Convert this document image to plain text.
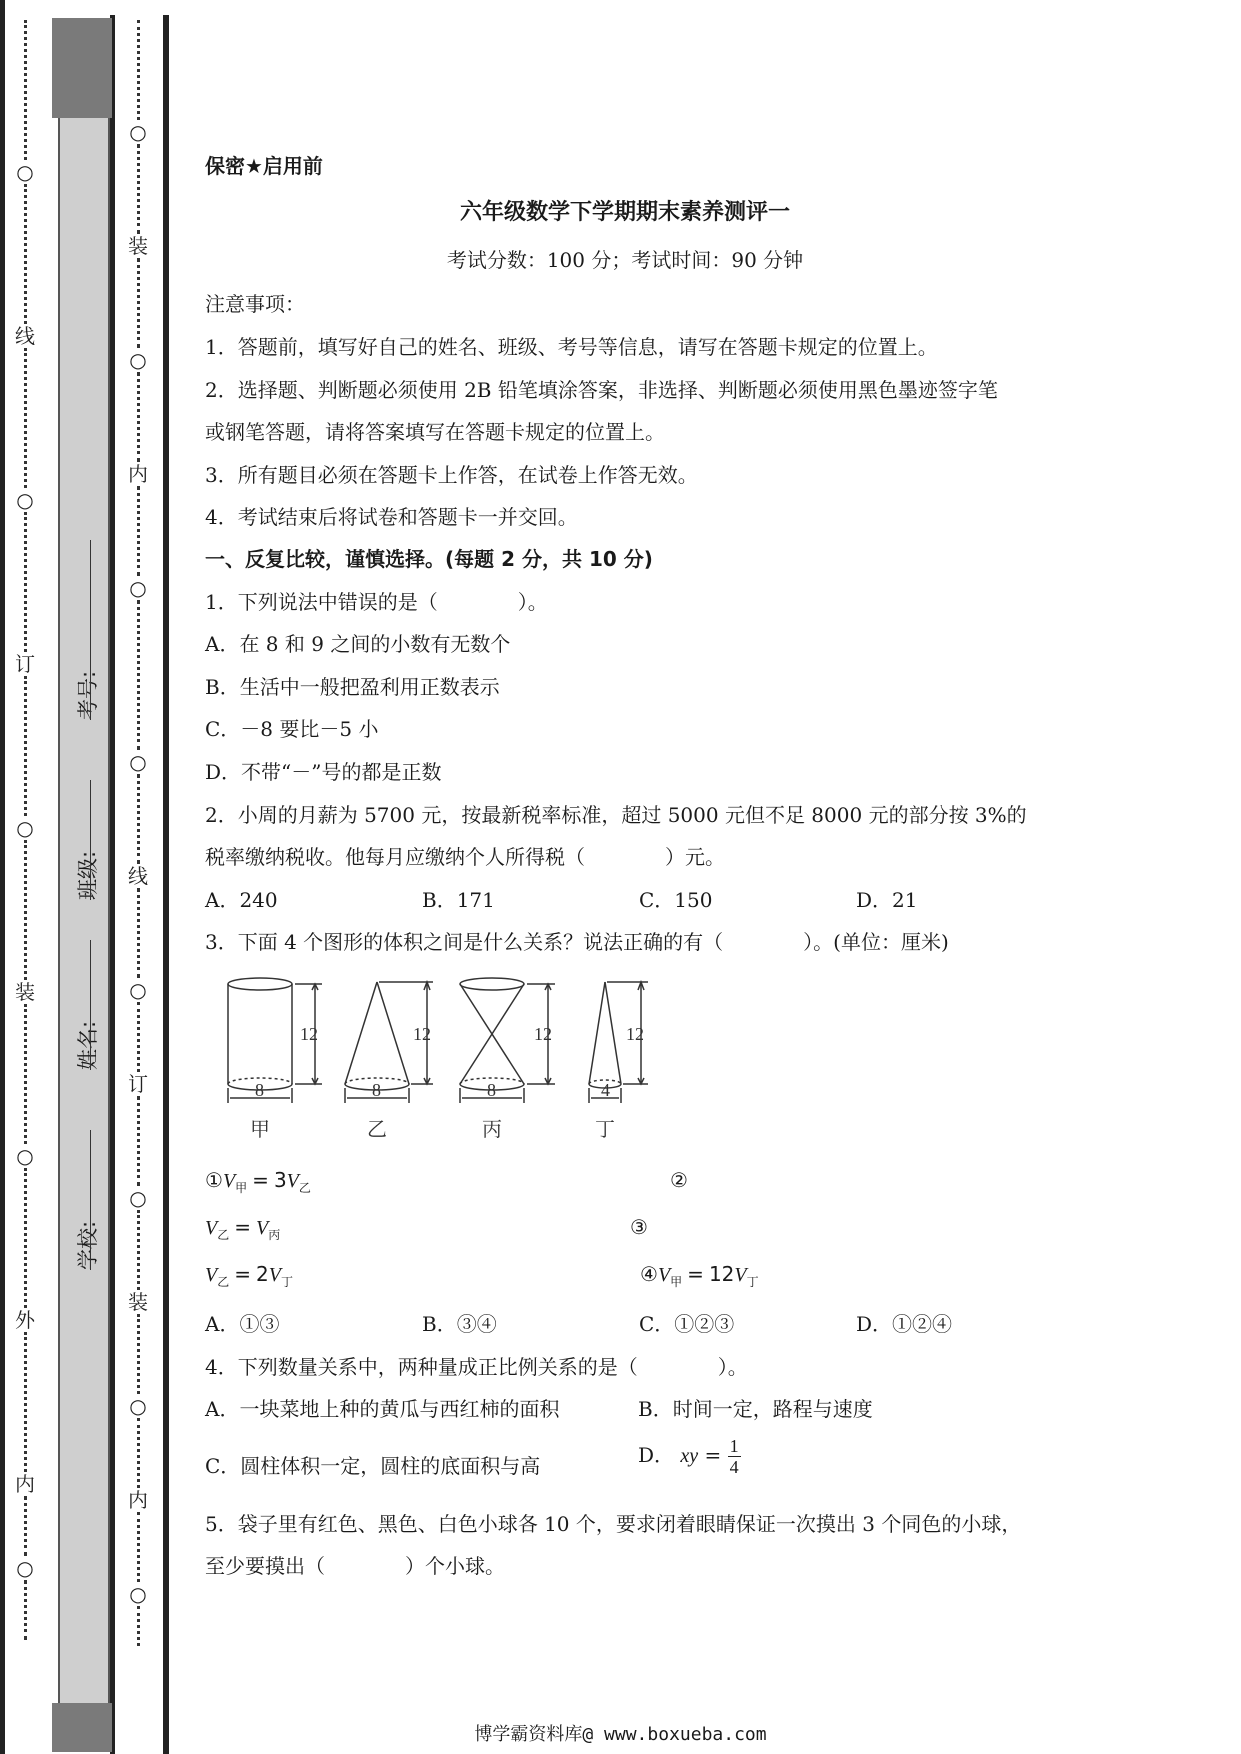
○
线
○
订
○
装
○
外
内
○
学校:
姓名:
班级:
考号:
○
装
○
内
○
○
线
○
订
○
装
○
内
○
保密★启用前
六年级数学下学期期末素养测评一
考试分数：100 分；考试时间：90 分钟
注意事项：
1．答题前，填写好自己的姓名、班级、考号等信息，请写在答题卡规定的位置上。
2．选择题、判断题必须使用 2B 铅笔填涂答案，非选择、判断题必须使用黑色墨迹签字笔
或钢笔答题，请将答案填写在答题卡规定的位置上。
3．所有题目必须在答题卡上作答，在试卷上作答无效。
4．考试结束后将试卷和答题卡一并交回。
一、反复比较，谨慎选择。(每题 2 分，共 10 分)
1．下列说法中错误的是（　　　　）。
A．在 8 和 9 之间的小数有无数个
B．生活中一般把盈利用正数表示
C．－8 要比－5 小
D．不带“－”号的都是正数
2．小周的月薪为 5700 元，按最新税率标准，超过 5000 元但不足 8000 元的部分按 3%的
税率缴纳税收。他每月应缴纳个人所得税（　　　　）元。
A．240	B．171	C．150	D．21
3．下面 4 个图形的体积之间是什么关系？说法正确的有（　　　　）。(单位：厘米)
12	12	12	12
8	8	8	4
甲	乙	丙	丁
$①V_甲 = 3V_乙$	②
$V_乙 = V_丙$	③
$V_乙 = 2V_丁$	$④V_甲 = 12V_丁$
A．①③	B．③④	C．①②③	D．①②④
4．下列数量关系中，两种量成正比例关系的是（　　　　）。
A．一块菜地上种的黄瓜与西红柿的面积	B．时间一定，路程与速度
C．圆柱体积一定，圆柱的底面积与高	D． xy = $\frac{1}{4}$
5．袋子里有红色、黑色、白色小球各 10 个，要求闭着眼睛保证一次摸出 3 个同色的小球，
至少要摸出（　　　　）个小球。
博学霸资料库@ www.boxueba.com
